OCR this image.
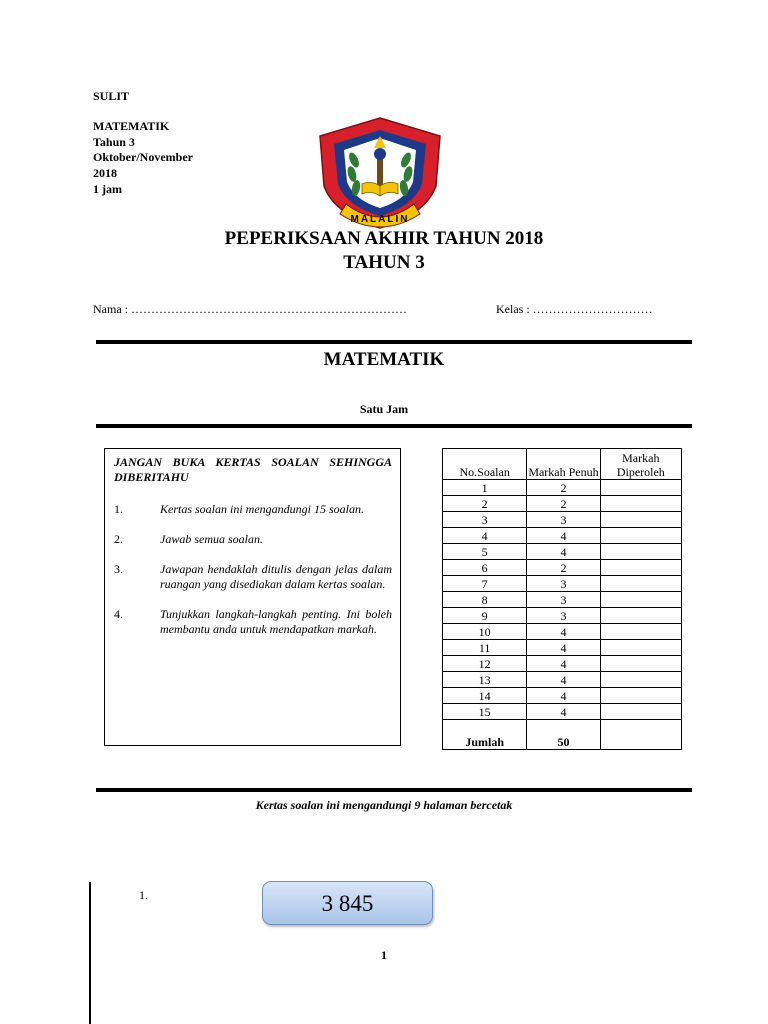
SULIT
MATEMATIK
Tahun 3
Oktober/November
2018
1 jam
MALALIN
PEPERIKSAAN AKHIR TAHUN 2018
TAHUN 3
Nama : ……………………………………………………………	Kelas : …………………………
MATEMATIK
Satu Jam
JANGAN BUKA KERTAS SOALAN SEHINGGA DIBERITAHU
1.	Kertas soalan ini mengandungi 15 soalan.
2.	Jawab semua soalan.
3.	Jawapan hendaklah ditulis dengan jelas dalam ruangan yang disediakan dalam kertas soalan.
4.	Tunjukkan langkah-langkah penting. Ini boleh membantu anda untuk mendapatkan markah.
No.Soalan	Markah Penuh	Markah Diperoleh
1	2	
2	2	
3	3	
4	4	
5	4	
6	2	
7	3	
8	3	
9	3	
10	4	
11	4	
12	4	
13	4	
14	4	
15	4	
Jumlah	50	
Kertas soalan ini mengandungi 9 halaman bercetak
1.	3 845
1
